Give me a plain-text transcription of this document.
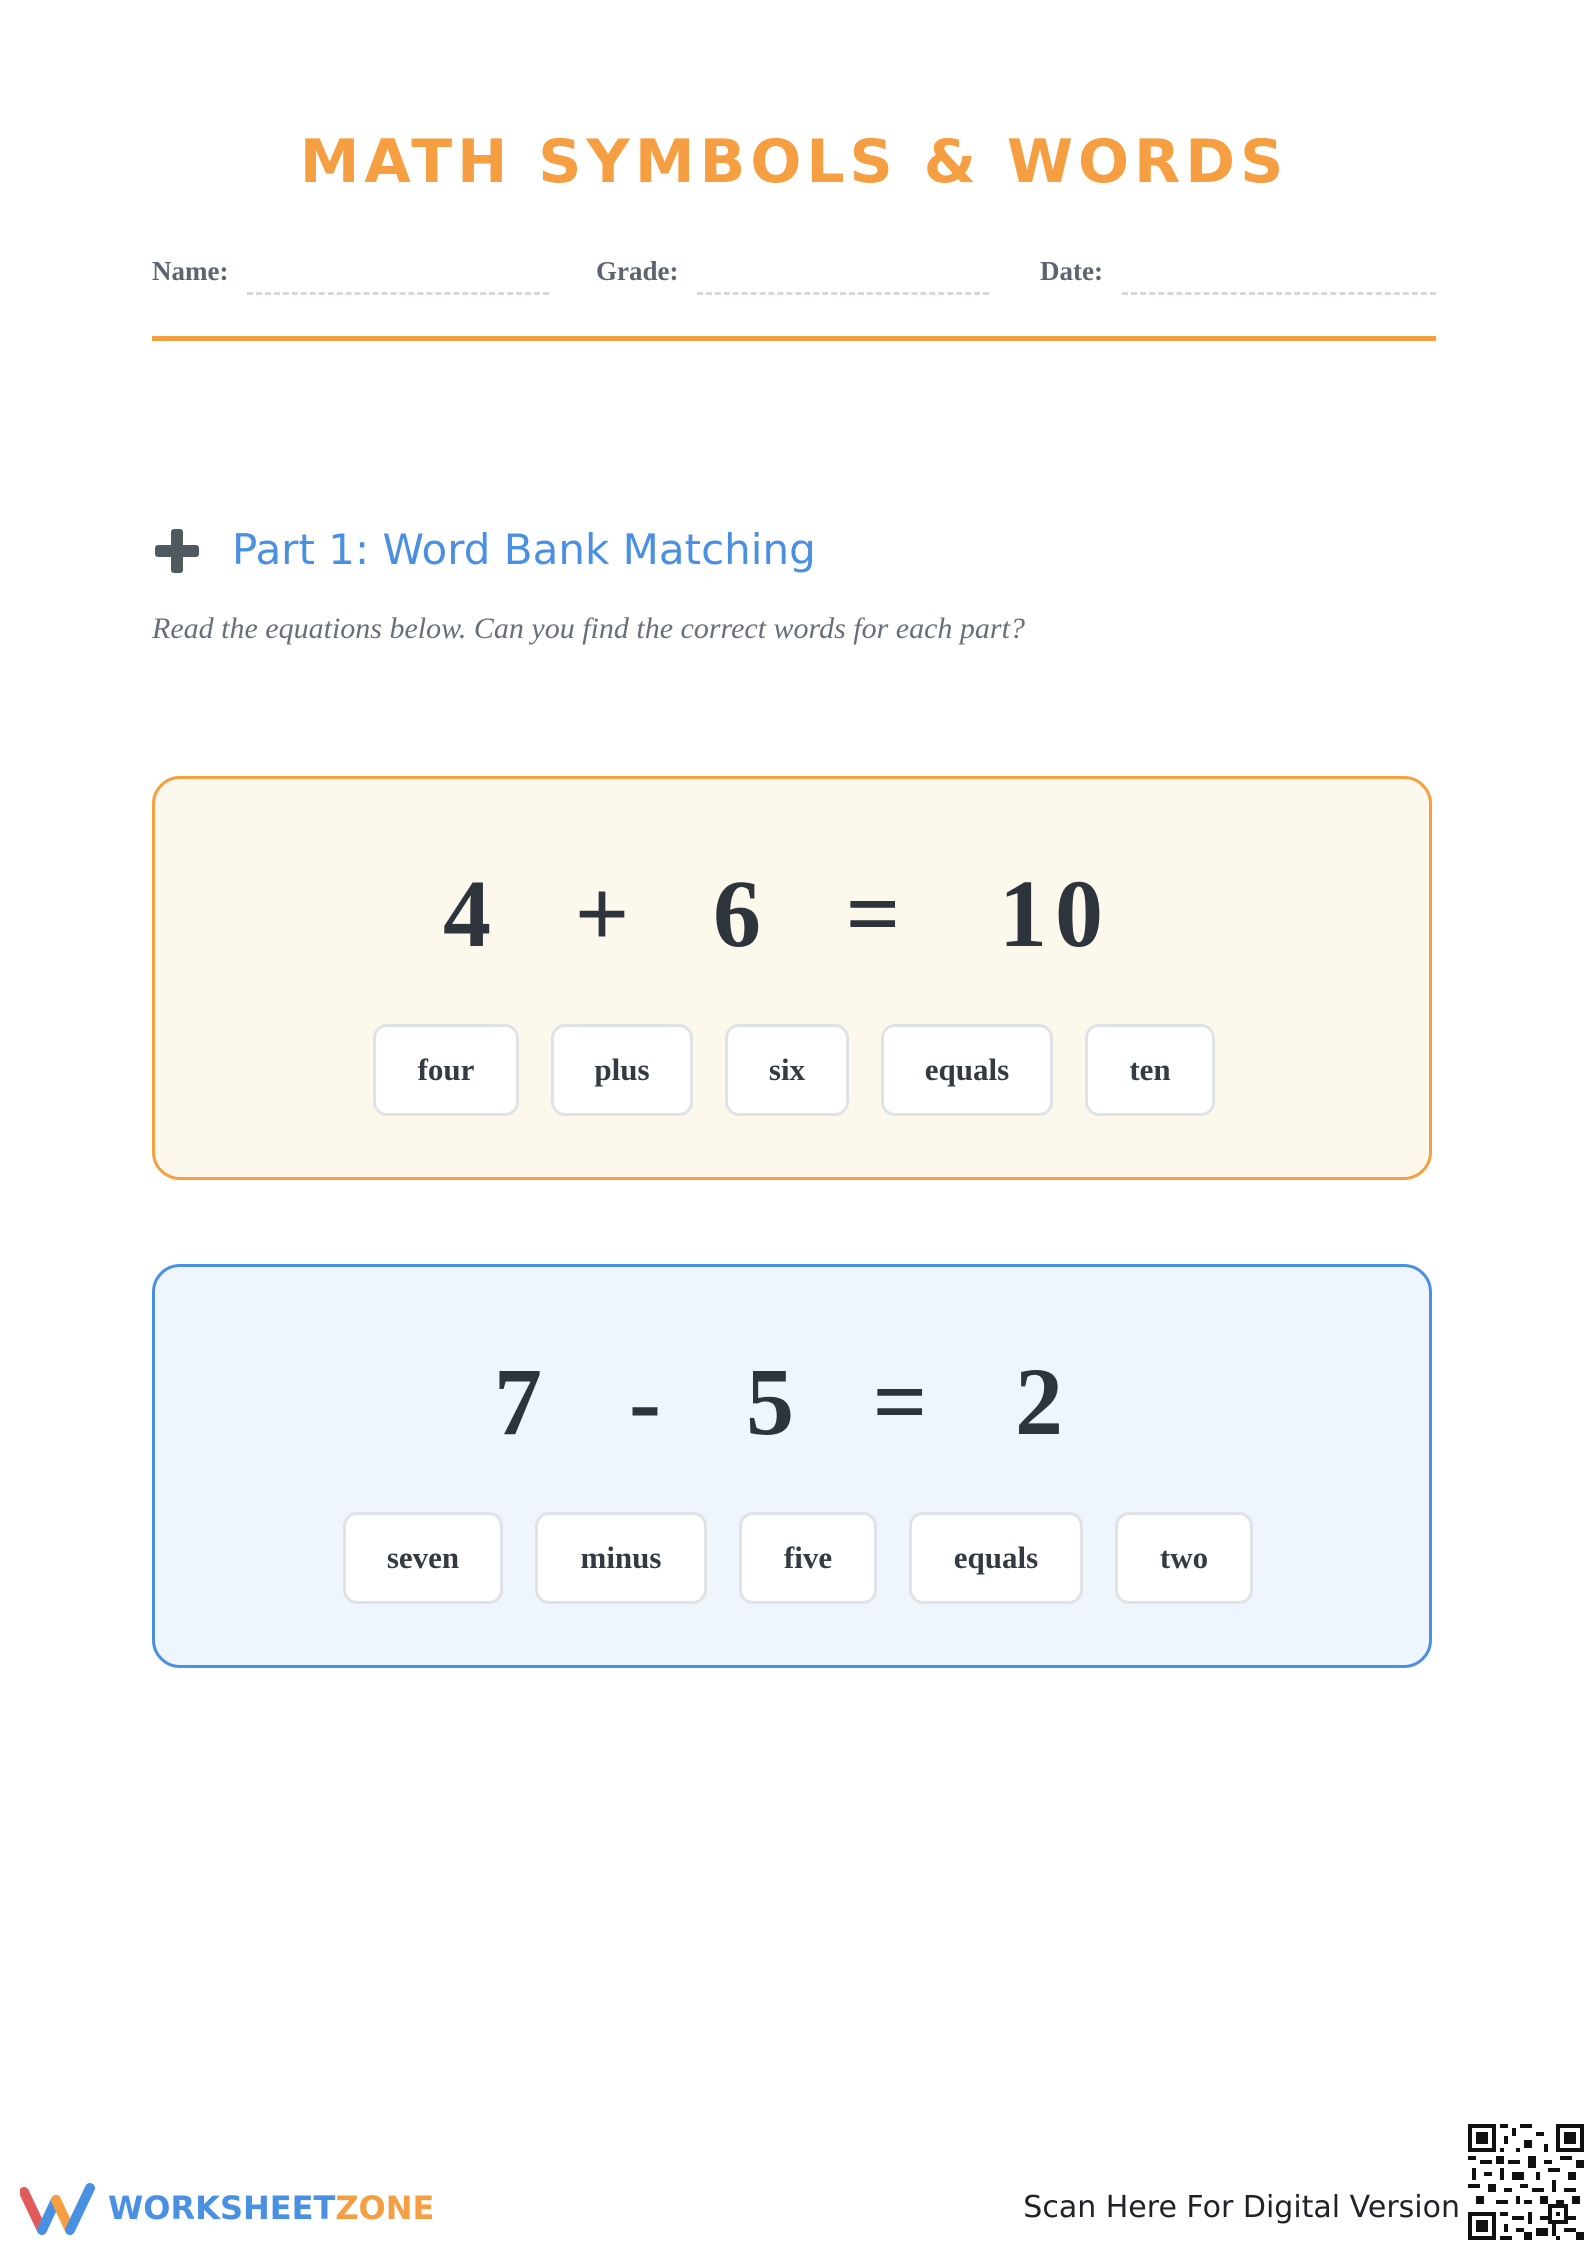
MATH SYMBOLS & WORDS
Name:	Grade:	Date:
Part 1: Word Bank Matching
Read the equations below. Can you find the correct words for each part?
4 + 6 = 10
four	plus	six	equals	ten
7 - 5 = 2
seven	minus	five	equals	two
WORKSHEETZONE	Scan Here For Digital Version
